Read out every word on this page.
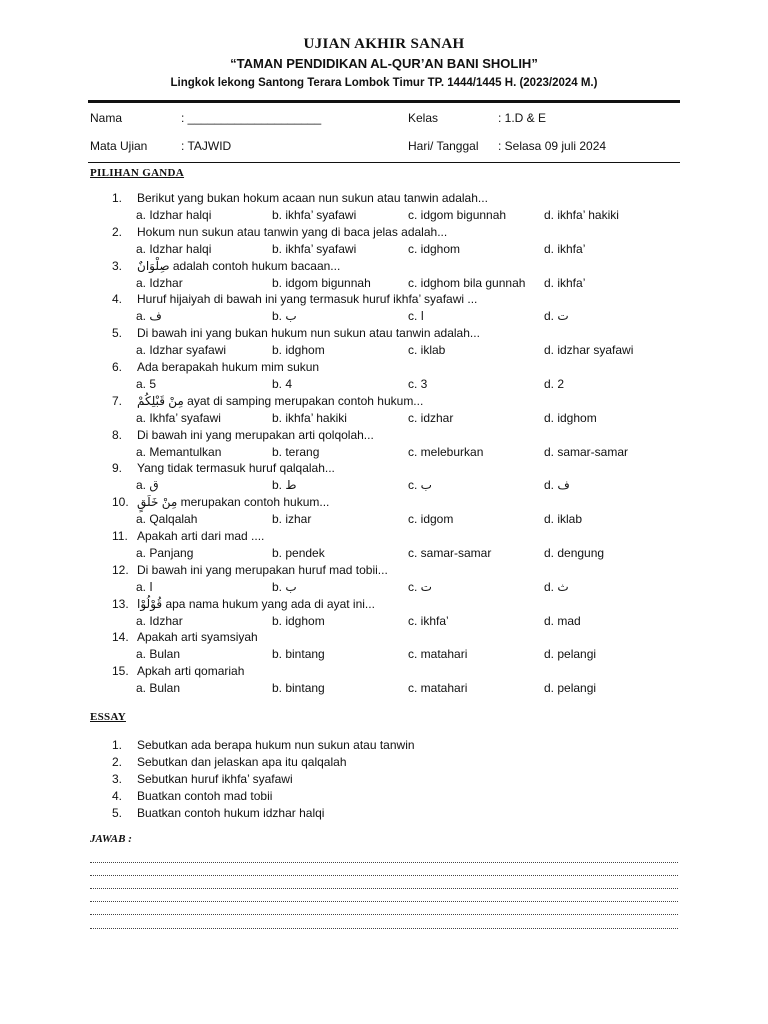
UJIAN AKHIR SANAH
“TAMAN PENDIDIKAN AL-QUR’AN BANI SHOLIH”
Lingkok lekong Santong Terara Lombok Timur TP. 1444/1445 H. (2023/2024 M.)
Nama	: ____________________	Kelas	: 1.D & E
Mata Ujian	: TAJWID	Hari/ Tanggal : Selasa 09 juli 2024
PILIHAN GANDA
1.	Berikut yang bukan hokum acaan nun sukun atau tanwin adalah...
a. Idzhar halqi	b. ikhfa’ syafawi	c. idgom bigunnah	d. ikhfa’ hakiki
2.	Hokum nun sukun atau tanwin yang di baca jelas adalah...
a. Idzhar halqi	b. ikhfa’ syafawi	c. idghom	d. ikhfa’
3.	صِلْوَانٌ adalah contoh hukum bacaan...
a. Idzhar	b. idgom bigunnah	c. idghom bila gunnah d. ikhfa’
4.	Huruf hijaiyah di bawah ini yang termasuk huruf ikhfa’ syafawi ...
a. ف	b. ب	c. ا	d. ت
5.	Di bawah ini yang bukan hukum nun sukun atau tanwin adalah...
a. Idzhar syafawi	b. idghom	c. iklab	d. idzhar syafawi
6.	Ada berapakah hukum mim sukun
a. 5	b. 4	c. 3	d. 2
7.	مِنْ قَبْلِكُمْ ayat di samping merupakan contoh hukum...
a. Ikhfa’ syafawi	b. ikhfa’ hakiki	c. idzhar	d. idghom
8.	Di bawah ini yang merupakan arti qolqolah...
a. Memantulkan	b. terang	c. meleburkan	d. samar-samar
9.	Yang tidak termasuk huruf qalqalah...
a. ق	b. ط	c. ب	d. ف
10. مِنْ خَلَقٍ merupakan contoh hukum...
a. Qalqalah	b. izhar	c. idgom	d. iklab
11. Apakah arti dari mad ....
a. Panjang	b. pendek	c. samar-samar	d. dengung
12. Di bawah ini yang merupakan huruf mad tobii...
a. ا	b. ب	c. ت	d. ث
13. قُوْلُوْا apa nama hukum yang ada di ayat ini...
a. Idzhar	b. idghom	c. ikhfa’	d. mad
14. Apakah arti syamsiyah
a. Bulan	b. bintang	c. matahari	d. pelangi
15. Apkah arti qomariah
a. Bulan	b. bintang	c. matahari	d. pelangi
ESSAY
1.	Sebutkan ada berapa hukum nun sukun atau tanwin
2.	Sebutkan dan jelaskan apa itu qalqalah
3.	Sebutkan huruf ikhfa’ syafawi
4.	Buatkan contoh mad tobii
5.	Buatkan contoh hukum idzhar halqi
JAWAB :
